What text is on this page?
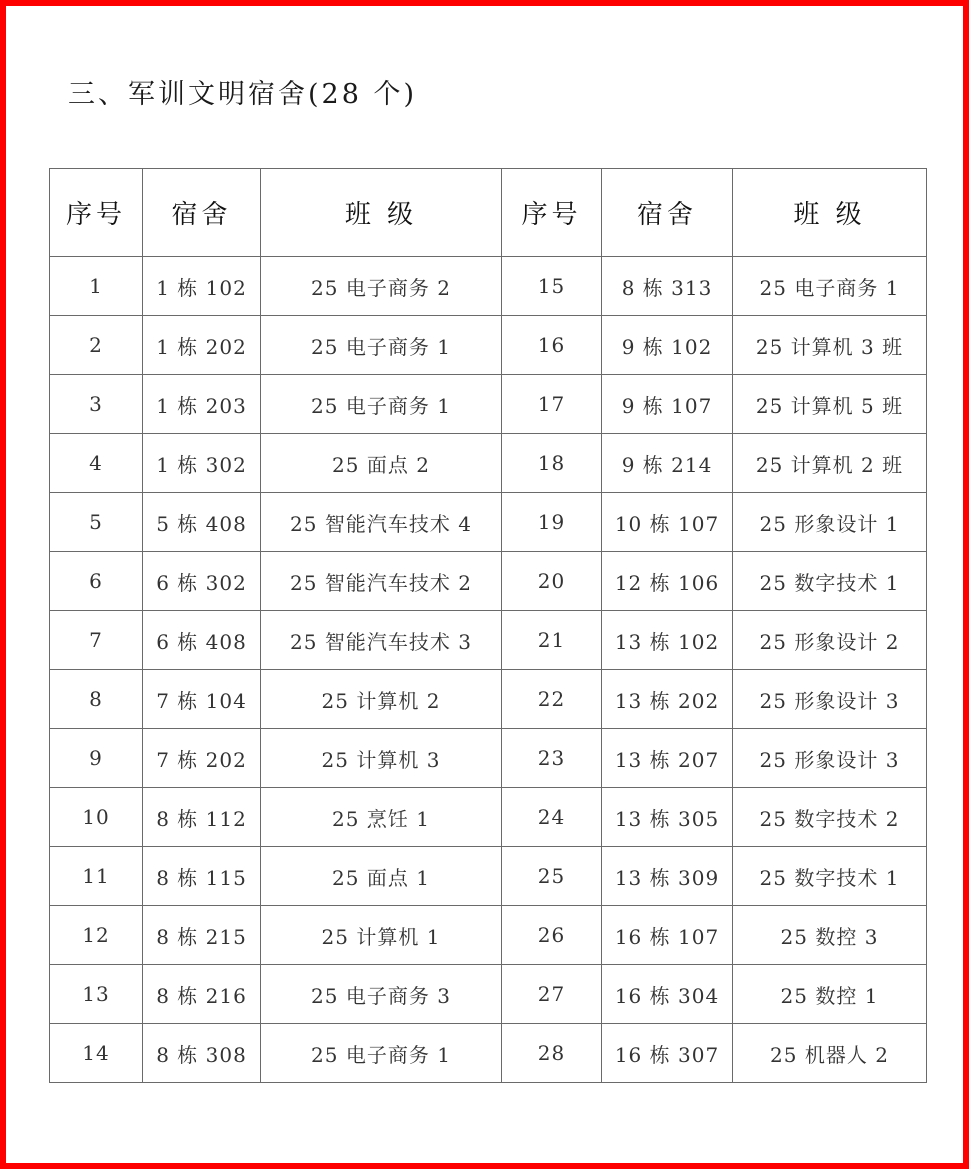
三、军训文明宿舍(28 个)
序号	宿舍	班 级	序号	宿舍	班 级
1	1 栋 102	25 电子商务 2	15	8 栋 313	25 电子商务 1
2	1 栋 202	25 电子商务 1	16	9 栋 102	25 计算机 3 班
3	1 栋 203	25 电子商务 1	17	9 栋 107	25 计算机 5 班
4	1 栋 302	25 面点 2	18	9 栋 214	25 计算机 2 班
5	5 栋 408	25 智能汽车技术 4	19	10 栋 107	25 形象设计 1
6	6 栋 302	25 智能汽车技术 2	20	12 栋 106	25 数字技术 1
7	6 栋 408	25 智能汽车技术 3	21	13 栋 102	25 形象设计 2
8	7 栋 104	25 计算机 2	22	13 栋 202	25 形象设计 3
9	7 栋 202	25 计算机 3	23	13 栋 207	25 形象设计 3
10	8 栋 112	25 烹饪 1	24	13 栋 305	25 数字技术 2
11	8 栋 115	25 面点 1	25	13 栋 309	25 数字技术 1
12	8 栋 215	25 计算机 1	26	16 栋 107	25 数控 3
13	8 栋 216	25 电子商务 3	27	16 栋 304	25 数控 1
14	8 栋 308	25 电子商务 1	28	16 栋 307	25 机器人 2
